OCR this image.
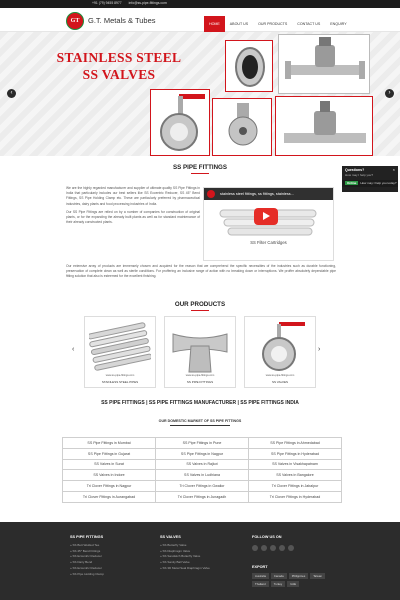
+91 (79) 9455 8977 info@ss-pipe-fittings.com
GT G.T. Metals & Tubes	HOME	ABOUT US	OUR PRODUCTS	CONTACT US	ENQUIRY
STAINLESS STEEL
SS VALVES
‹	›
SS PIPE FITTINGS

We are the highly regarded manufacturer and supplier of ultimate quality SS Pipe Fittings in India that particularly includes our best sellers like SS Eccentric Reducer, SS 45° Bend Fittings, SS Pipe Holding Clamp etc. These are particularly preferred by pharmaceutical industries, dairy plants and food processing industries of India.

Our SS Pipe Fittings are relied on by a number of companies for construction of original plants, or for the expanding the already built plants as well as for standard maintenance of their already constructed plants.

stainless steel fittings, ss fittings, stainless...
SS Filter Cartridges
Questions?
How may I help you?
×
Online How may I help you today?
Our extensive array of products are immensely chosen and acquired for the reason that we comprehend the specific necessities of the industries such as durable functioning, preservation of complete clean as well as sterile conditions. For proffering an inclusive range of action with no breaking down or interruptions. We proffer absolutely dependable pipe fitting solution that also is esteemed for the excellent finishing.
OUR PRODUCTS
‹	›
www.ss-pipe-fittings.com
STAINLESS STEEL PIPES
www.ss-pipe-fittings.com
SS PIPE FITTINGS
www.ss-pipe-fittings.com
SS VALVES
SS PIPE FITTINGS | SS PIPE FITTINGS MANUFACTURER | SS PIPE FITTINGS INDIA
OUR DOMESTIC MARKET OF SS PIPE FITTINGS
SS Pipe Fittings in Mumbai	SS Pipe Fittings in Pune	SS Pipe Fittings in Ahmedabad
SS Pipe Fittings in Gujarat	SS Pipe Fittings in Nagpur	SS Pipe Fittings in Hyderabad
SS Valves in Surat	SS Valves in Rajkot	SS Valves in Visakhapatnam
SS Valves in Indore	SS Valves in Ludhiana	SS Valves in Bangalore
Tri Clover Fittings in Nagpur	Tri Clover Fittings in Gwalior	Tri Clover Fittings in Jabalpur
Tri Clover Fittings in Aurangabad	Tri Clover Fittings in Junagadh	Tri Clover Fittings in Hyderabad
SS PIPE FITTINGS
» SS Butt Welded Tee
» SS 45° Bend Fittings
» SS Eccentric Reducer
» SS Dairy Bend
» SS Eccentric Reducer
» SS Pipe Holding Clamp
SS VALVES
» SS Butterfly Valve
» SS Diaphragm Valve
» SS Sandwich Butterfly Valve
» SS Sanity Ball Valve
» SS 3D Metal Seal Diaphragm Valve
FOLLOW US ON
EXPORT
Australia	Canada	Philippines	Taiwan
Thailand	Turkey	UAE
